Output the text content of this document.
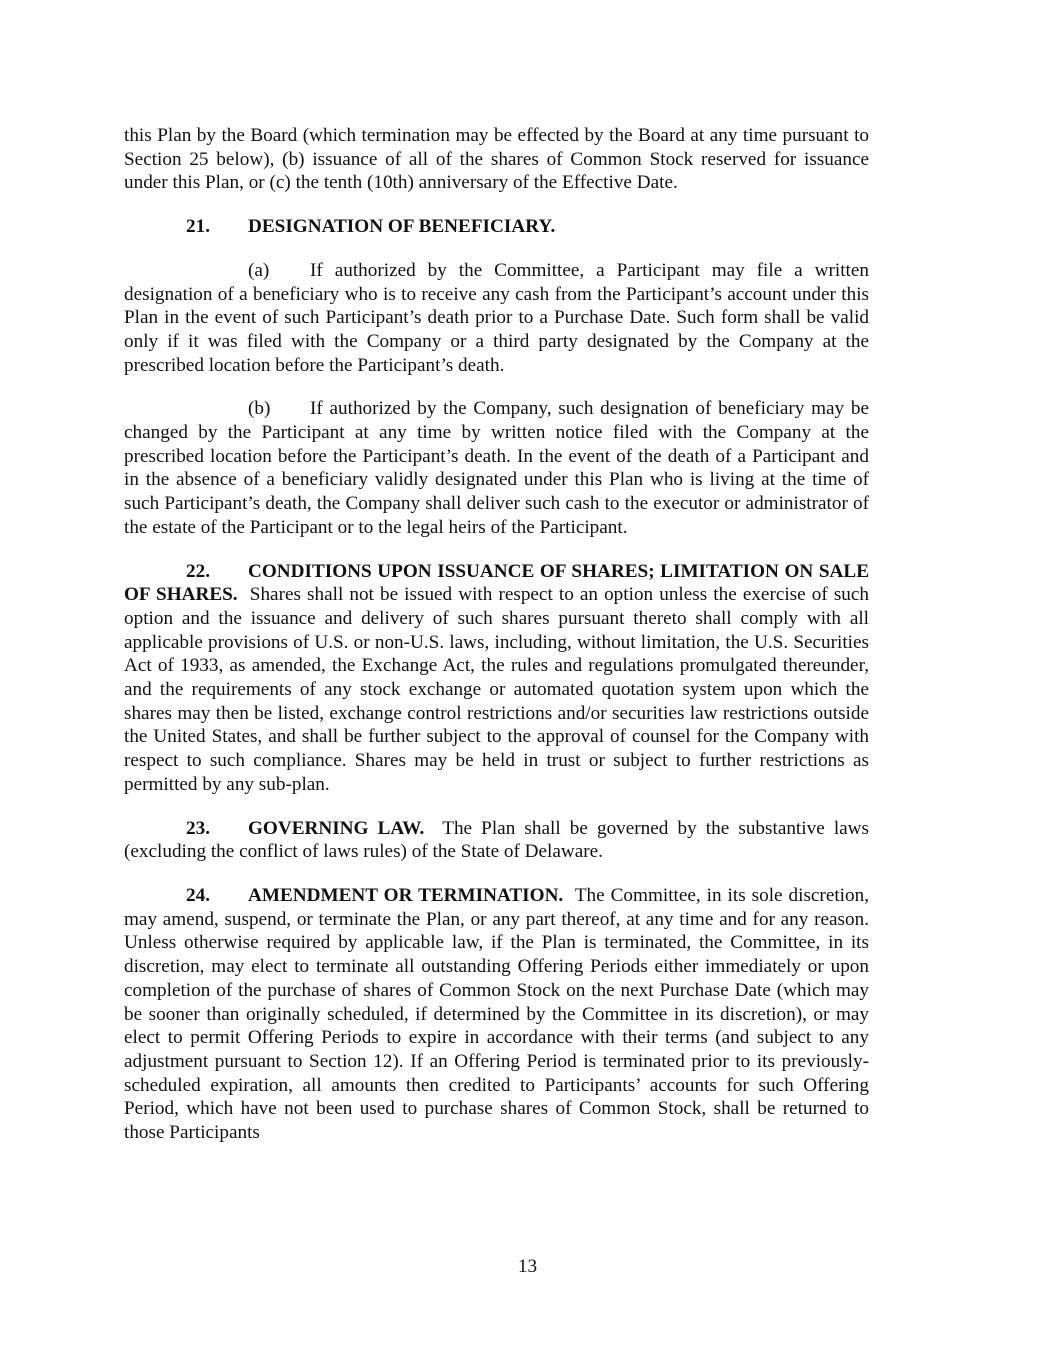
this Plan by the Board (which termination may be effected by the Board at any time pursuant to Section 25 below), (b) issuance of all of the shares of Common Stock reserved for issuance under this Plan, or (c) the tenth (10th) anniversary of the Effective Date.

21. DESIGNATION OF BENEFICIARY.

(a) If authorized by the Committee, a Participant may file a written designation of a beneficiary who is to receive any cash from the Participant’s account under this Plan in the event of such Participant’s death prior to a Purchase Date. Such form shall be valid only if it was filed with the Company or a third party designated by the Company at the prescribed location before the Participant’s death.

(b) If authorized by the Company, such designation of beneficiary may be changed by the Participant at any time by written notice filed with the Company at the prescribed location before the Participant’s death. In the event of the death of a Participant and in the absence of a beneficiary validly designated under this Plan who is living at the time of such Participant’s death, the Company shall deliver such cash to the executor or administrator of the estate of the Participant or to the legal heirs of the Participant.

22. CONDITIONS UPON ISSUANCE OF SHARES; LIMITATION ON SALE OF SHARES. Shares shall not be issued with respect to an option unless the exercise of such option and the issuance and delivery of such shares pursuant thereto shall comply with all applicable provisions of U.S. or non-U.S. laws, including, without limitation, the U.S. Securities Act of 1933, as amended, the Exchange Act, the rules and regulations promulgated thereunder, and the requirements of any stock exchange or automated quotation system upon which the shares may then be listed, exchange control restrictions and/or securities law restrictions outside the United States, and shall be further subject to the approval of counsel for the Company with respect to such compliance. Shares may be held in trust or subject to further restrictions as permitted by any sub-plan.

23. GOVERNING LAW. The Plan shall be governed by the substantive laws (excluding the conflict of laws rules) of the State of Delaware.

24. AMENDMENT OR TERMINATION. The Committee, in its sole discretion, may amend, suspend, or terminate the Plan, or any part thereof, at any time and for any reason. Unless otherwise required by applicable law, if the Plan is terminated, the Committee, in its discretion, may elect to terminate all outstanding Offering Periods either immediately or upon completion of the purchase of shares of Common Stock on the next Purchase Date (which may be sooner than originally scheduled, if determined by the Committee in its discretion), or may elect to permit Offering Periods to expire in accordance with their terms (and subject to any adjustment pursuant to Section 12). If an Offering Period is terminated prior to its previously-scheduled expiration, all amounts then credited to Participants’ accounts for such Offering Period, which have not been used to purchase shares of Common Stock, shall be returned to those Participants

13
